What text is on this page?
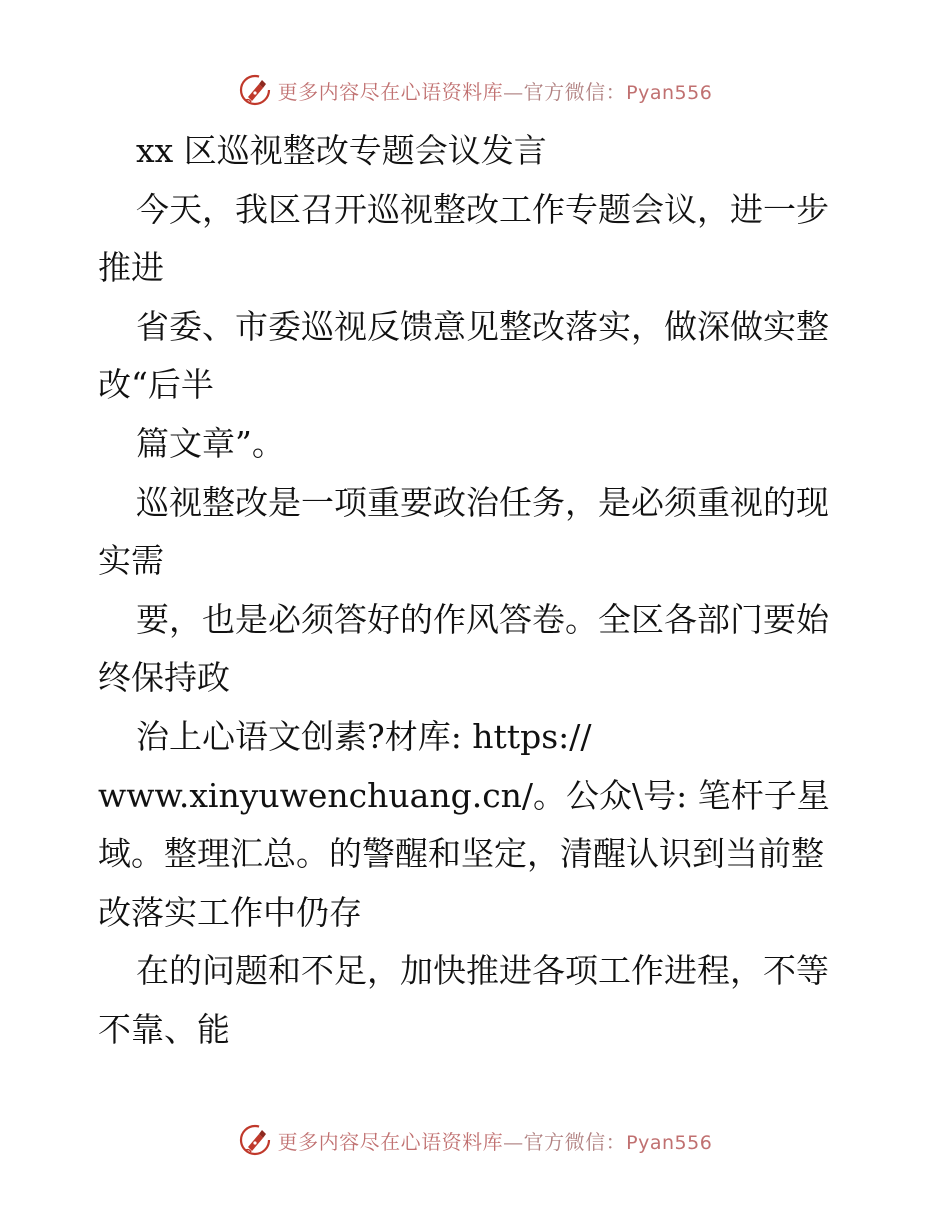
更多内容尽在心语资料库—官方微信：Pyan556
xx 区巡视整改专题会议发言
今天，我区召开巡视整改工作专题会议，进一步
推进
省委、市委巡视反馈意见整改落实，做深做实整
改“后半
篇文章”。
巡视整改是一项重要政治任务，是必须重视的现
实需
要，也是必须答好的作风答卷。全区各部门要始
终保持政
治上心语文创素?材库: https://
www.xinyuwenchuang.cn/。公众\号: 笔杆子星
域。整理汇总。的警醒和坚定，清醒认识到当前整
改落实工作中仍存
在的问题和不足，加快推进各项工作进程，不等
不靠、能
更多内容尽在心语资料库—官方微信：Pyan556
